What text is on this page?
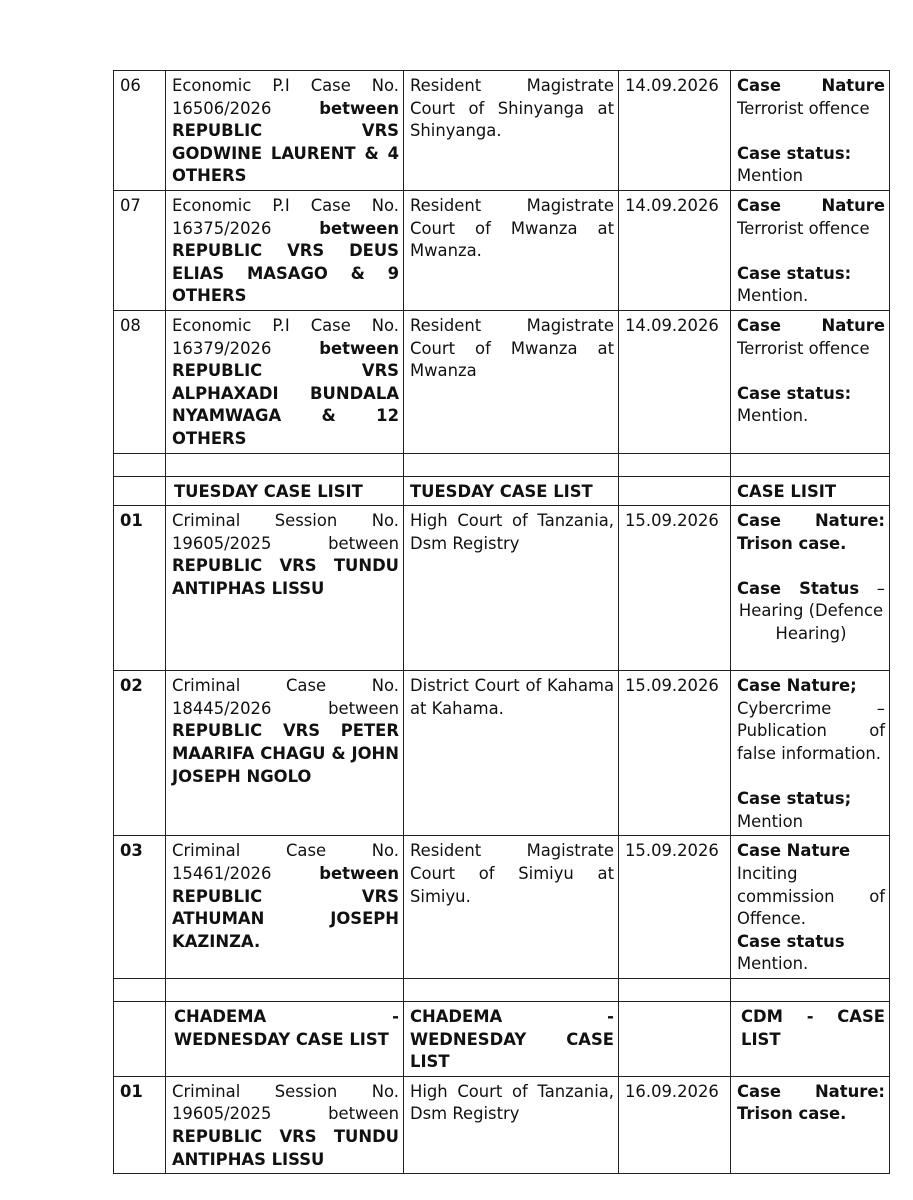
06	Economic P.I Case No.
16506/2026 between
REPUBLIC VRS GODWINE LAURENT & 4 OTHERS	Resident Magistrate Court of Shinyanga at Shinyanga.	14.09.2026	Case Nature
Terrorist offence
Case status:
Mention

07	Economic P.I Case No.
16375/2026 between
REPUBLIC VRS DEUS ELIAS MASAGO & 9 OTHERS	Resident Magistrate Court of Mwanza at Mwanza.	14.09.2026	Case Nature
Terrorist offence
Case status:
Mention.

08	Economic P.I Case No.
16379/2026 between
REPUBLIC VRS ALPHAXADI BUNDALA NYAMWAGA & 12 OTHERS	Resident Magistrate Court of Mwanza at Mwanza	14.09.2026	Case Nature
Terrorist offence
Case status:
Mention.

	TUESDAY CASE LISIT	TUESDAY CASE LIST		CASE LISIT
01	Criminal Session No.
19605/2025 between
REPUBLIC VRS TUNDU ANTIPHAS LISSU	High Court of Tanzania, Dsm Registry	15.09.2026	Case Nature:
Trison case.
Case Status –
Hearing (Defence Hearing)

02	Criminal Case No.
18445/2026 between
REPUBLIC VRS PETER MAARIFA CHAGU & JOHN JOSEPH NGOLO	District Court of Kahama at Kahama.	15.09.2026	Case Nature;
Cybercrime – Publication of false information.
Case status;
Mention

03	Criminal Case No.
15461/2026 between
REPUBLIC VRS ATHUMAN JOSEPH KAZINZA.	Resident Magistrate Court of Simiyu at Simiyu.	15.09.2026	Case Nature
Inciting commission of Offence.
Case status
Mention.

	CHADEMA - WEDNESDAY CASE LIST	CHADEMA - WEDNESDAY CASE LIST		CDM - CASE LIST
01	Criminal Session No.
19605/2025 between
REPUBLIC VRS TUNDU ANTIPHAS LISSU	High Court of Tanzania, Dsm Registry	16.09.2026	Case Nature:
Trison case.
